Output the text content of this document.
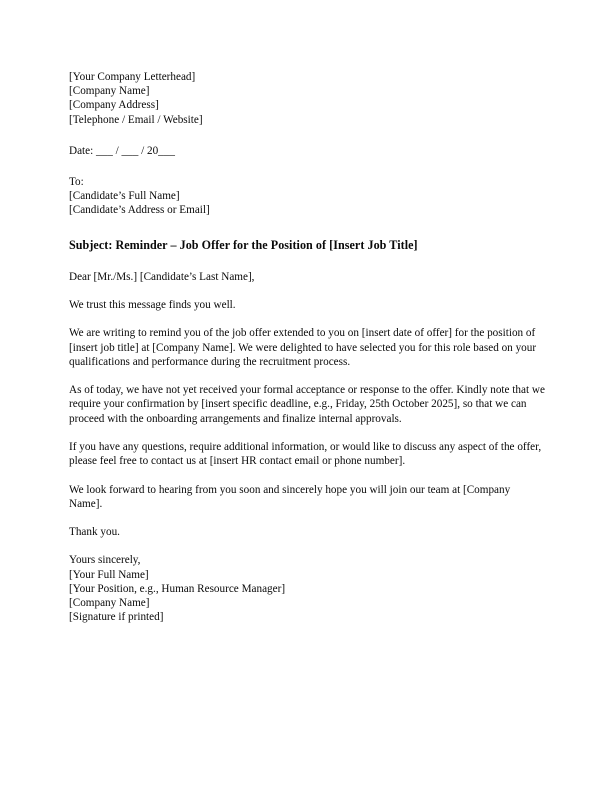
[Your Company Letterhead]
[Company Name]
[Company Address]
[Telephone / Email / Website]
Date: ___ / ___ / 20___
To:
[Candidate’s Full Name]
[Candidate’s Address or Email]
Subject: Reminder – Job Offer for the Position of [Insert Job Title]
Dear [Mr./Ms.] [Candidate’s Last Name],

We trust this message finds you well.

We are writing to remind you of the job offer extended to you on [insert date of offer] for the position of [insert job title] at [Company Name]. We were delighted to have selected you for this role based on your qualifications and performance during the recruitment process.

As of today, we have not yet received your formal acceptance or response to the offer. Kindly note that we require your confirmation by [insert specific deadline, e.g., Friday, 25th October 2025], so that we can proceed with the onboarding arrangements and finalize internal approvals.

If you have any questions, require additional information, or would like to discuss any aspect of the offer, please feel free to contact us at [insert HR contact email or phone number].

We look forward to hearing from you soon and sincerely hope you will join our team at [Company Name].

Thank you.

Yours sincerely,
[Your Full Name]
[Your Position, e.g., Human Resource Manager]
[Company Name]
[Signature if printed]
